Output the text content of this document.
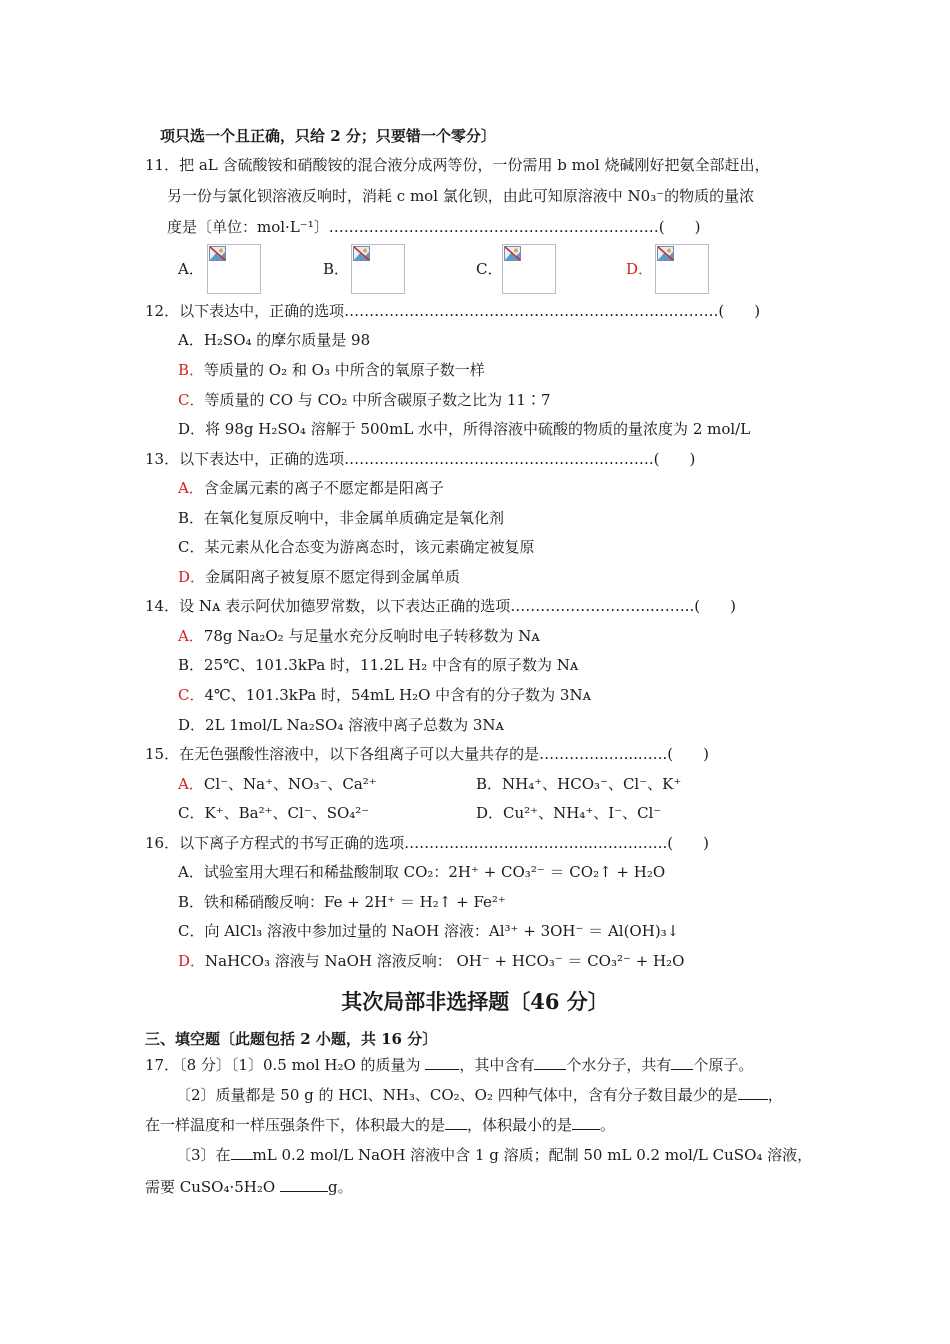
项只选一个且正确，只给 2 分；只要错一个零分〕
11．把 aL 含硫酸铵和硝酸铵的混合液分成两等份，一份需用 b mol 烧碱刚好把氨全部赶出，
另一份与氯化钡溶液反响时，消耗 c mol 氯化钡，由此可知原溶液中 N0₃⁻的物质的量浓
度是〔单位：mol·L⁻¹〕…………………………………………………………(　　)
A．	B．	C．	D．
12．以下表达中，正确的选项………………………………………………………..……….(　　)
A．H₂SO₄ 的摩尔质量是 98
B．等质量的 O₂ 和 O₃ 中所含的氧原子数一样
C．等质量的 CO 与 CO₂ 中所含碳原子数之比为 11∶7
D．将 98g H₂SO₄ 溶解于 500mL 水中，所得溶液中硫酸的物质的量浓度为 2 mol/L
13．以下表达中，正确的选项…………………………………………….……….(　　)
A．含金属元素的离子不愿定都是阳离子
B．在氧化复原反响中，非金属单质确定是氧化剂
C．某元素从化合态变为游离态时，该元素确定被复原
D．金属阳离子被复原不愿定得到金属单质
14．设 Nᴀ 表示阿伏加德罗常数，以下表达正确的选项………………………..……..(　　)
A．78g Na₂O₂ 与足量水充分反响时电子转移数为 Nᴀ
B．25℃、101.3kPa 时，11.2L H₂ 中含有的原子数为 Nᴀ
C．4℃、101.3kPa 时，54mL H₂O 中含有的分子数为 3Nᴀ
D．2L 1mol/L Na₂SO₄ 溶液中离子总数为 3Nᴀ
15．在无色强酸性溶液中，以下各组离子可以大量共存的是…………..…....…..(　　)
A．Cl⁻、Na⁺、NO₃⁻、Ca²⁺	B．NH₄⁺、HCO₃⁻、Cl⁻、K⁺
C．K⁺、Ba²⁺、Cl⁻、SO₄²⁻	D．Cu²⁺、NH₄⁺、I⁻、Cl⁻
16．以下离子方程式的书写正确的选项…………..…………………...……….…..(　　)
A．试验室用大理石和稀盐酸制取 CO₂：2H⁺ + CO₃²⁻ ＝ CO₂↑ + H₂O
B．铁和稀硝酸反响：Fe + 2H⁺ ＝ H₂↑ + Fe²⁺
C．向 AlCl₃ 溶液中参加过量的 NaOH 溶液：Al³⁺ + 3OH⁻ ＝ Al(OH)₃↓
D．NaHCO₃ 溶液与 NaOH 溶液反响： OH⁻ + HCO₃⁻ ＝ CO₃²⁻ + H₂O
其次局部非选择题〔46 分〕
三、填空题〔此题包括 2 小题，共 16 分〕
17．〔8 分〕〔1〕0.5 mol H₂O 的质量为	，其中含有 个水分子，共有 个原子。
〔2〕质量都是 50 g 的 HCl、NH₃、CO₂、O₂ 四种气体中，含有分子数目最少的是 ，
在一样温度和一样压强条件下，体积最大的是 ，体积最小的是 。
〔3〕在 mL 0.2 mol/L NaOH 溶液中含 1 g 溶质；配制 50 mL 0.2 mol/L CuSO₄ 溶液，
需要 CuSO₄·5H₂O	g。
